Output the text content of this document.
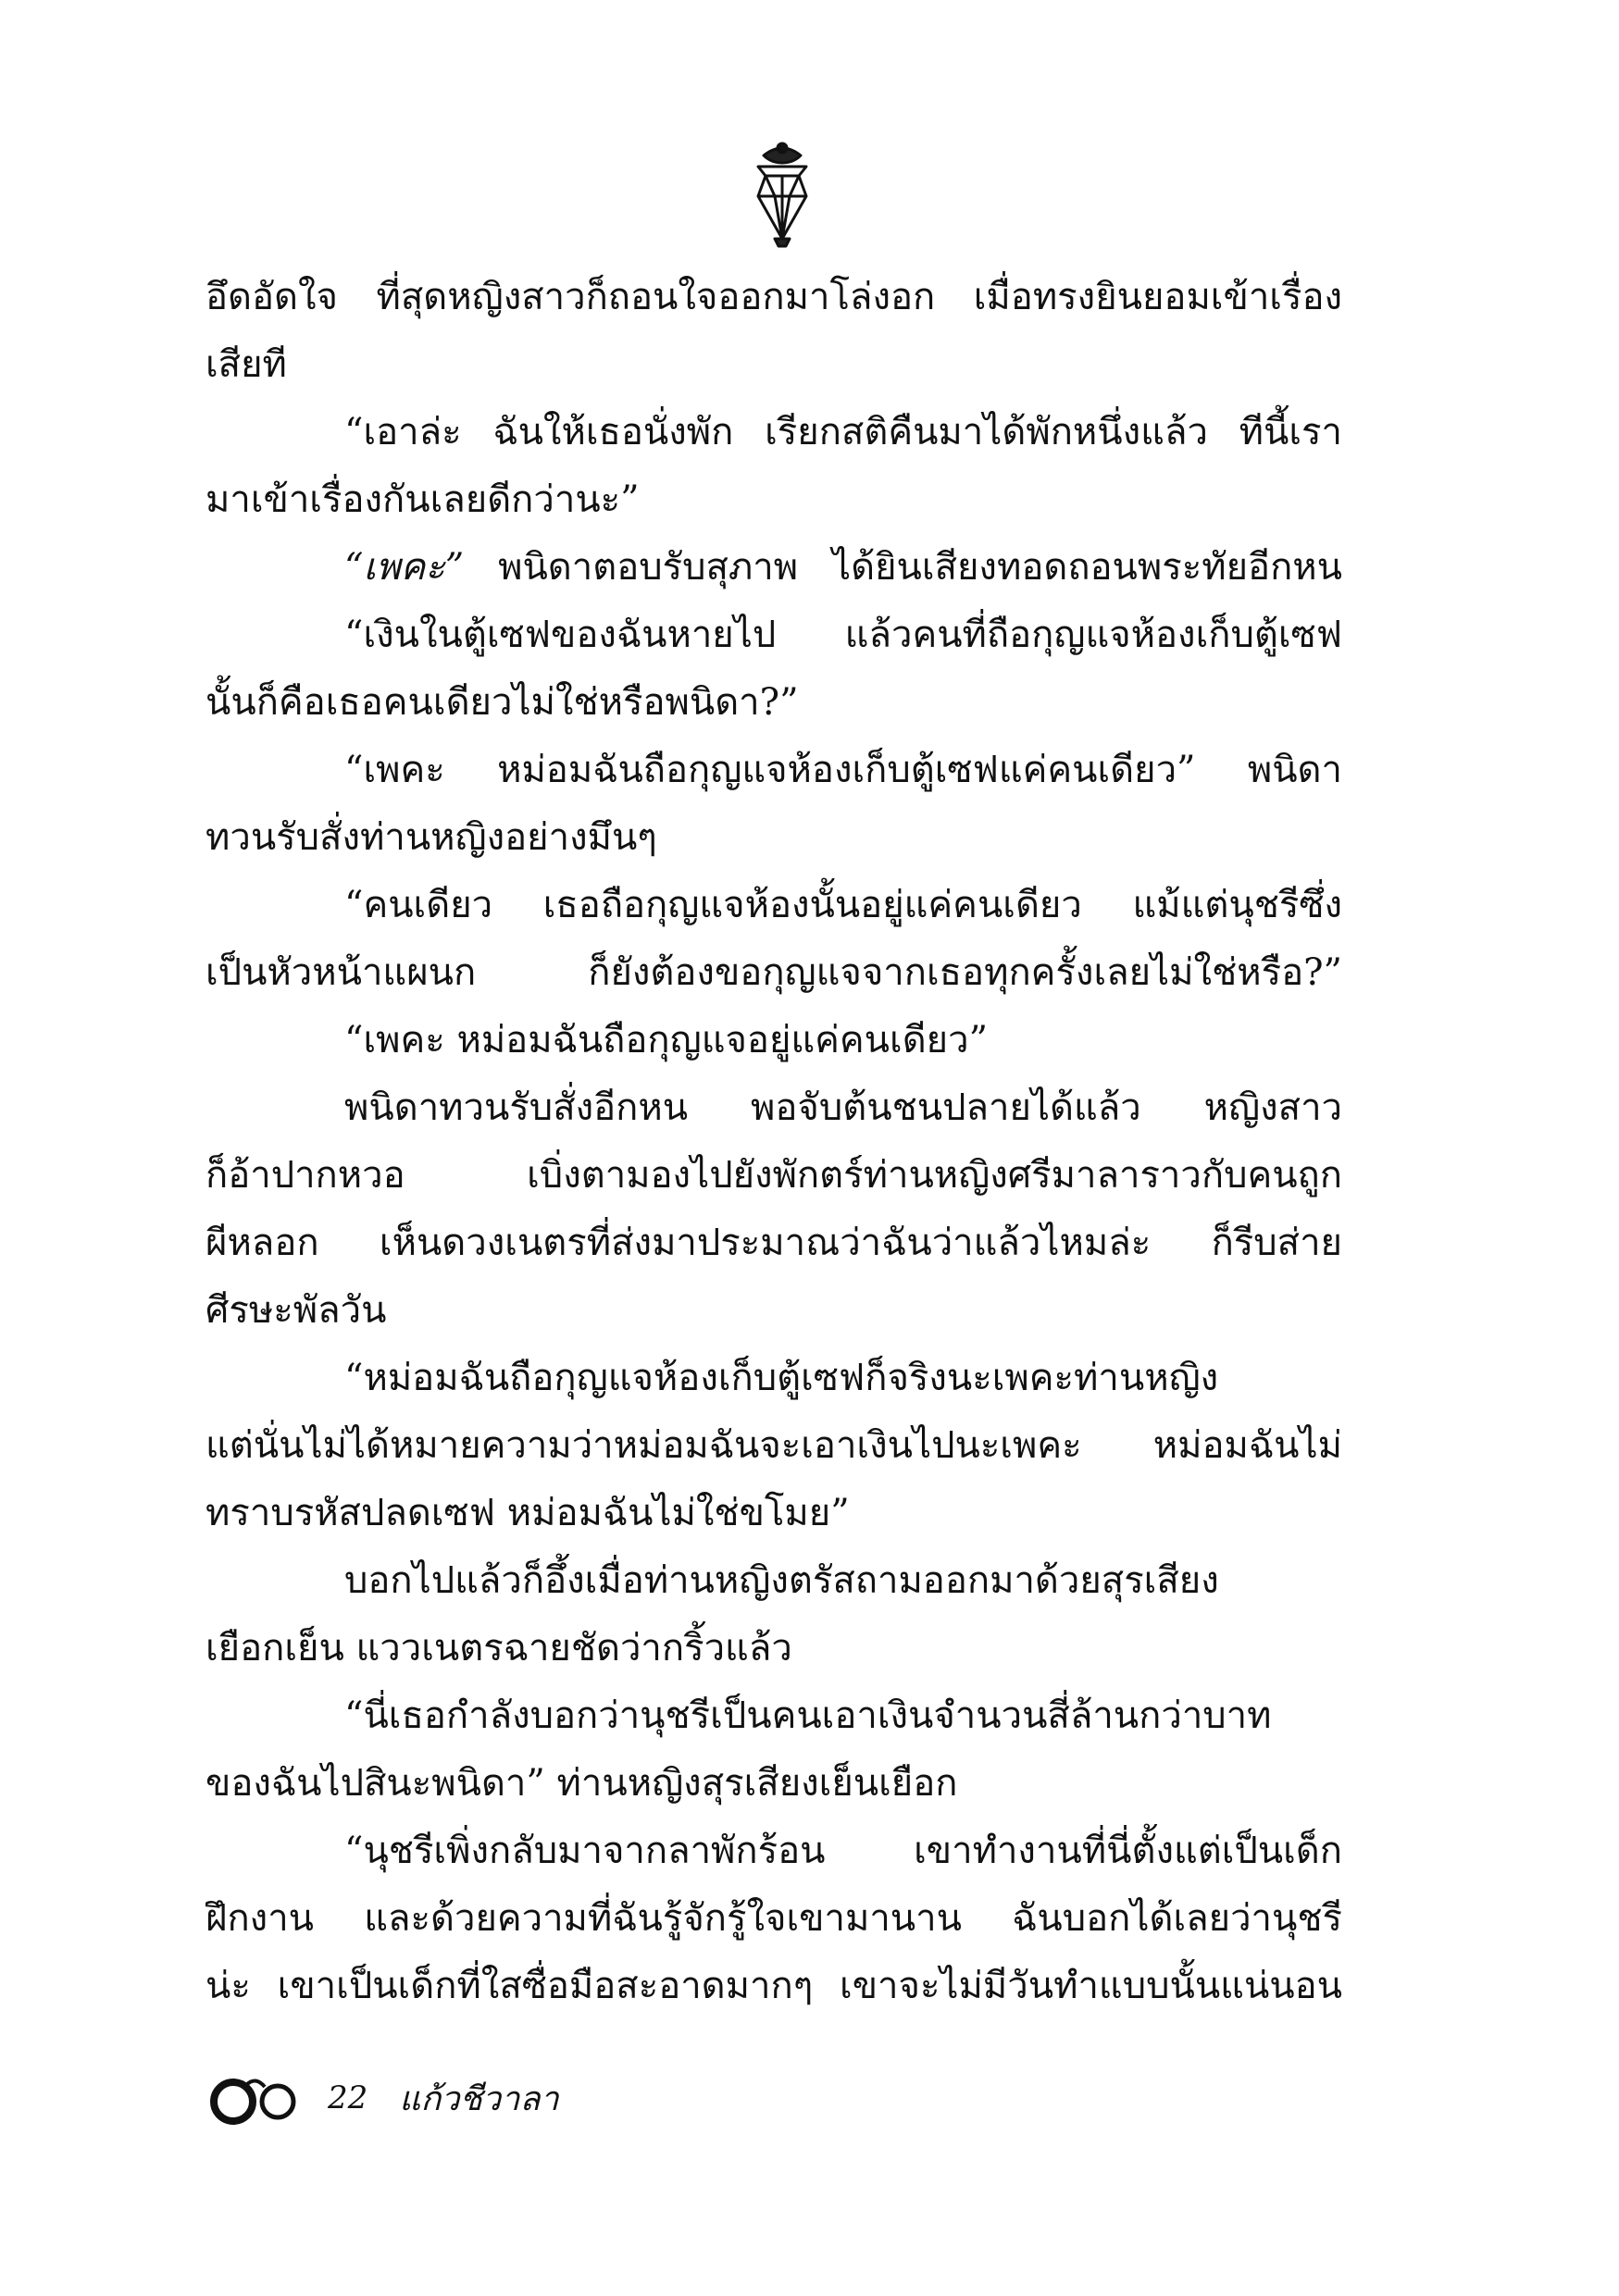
อึดอัดใจ ที่สุดหญิงสาวก็ถอนใจออกมาโล่งอก เมื่อทรงยินยอมเข้าเรื่อง
เสียที
“เอาล่ะ ฉันให้เธอนั่งพัก เรียกสติคืนมาได้พักหนึ่งแล้ว ทีนี้เรา
มาเข้าเรื่องกันเลยดีกว่านะ”
“เพคะ” พนิดาตอบรับสุภาพ ได้ยินเสียงทอดถอนพระทัยอีกหน
“เงินในตู้เซฟของฉันหายไป แล้วคนที่ถือกุญแจห้องเก็บตู้เซฟ
นั้นก็คือเธอคนเดียวไม่ใช่หรือพนิดา?”
“เพคะ หม่อมฉันถือกุญแจห้องเก็บตู้เซฟแค่คนเดียว” พนิดา
ทวนรับสั่งท่านหญิงอย่างมึนๆ
“คนเดียว เธอถือกุญแจห้องนั้นอยู่แค่คนเดียว แม้แต่นุชรีซึ่ง
เป็นหัวหน้าแผนก ก็ยังต้องขอกุญแจจากเธอทุกครั้งเลยไม่ใช่หรือ?”
“เพคะ หม่อมฉันถือกุญแจอยู่แค่คนเดียว”
พนิดาทวนรับสั่งอีกหน พอจับต้นชนปลายได้แล้ว หญิงสาว
ก็อ้าปากหวอ เบิ่งตามองไปยังพักตร์ท่านหญิงศรีมาลาราวกับคนถูก
ผีหลอก เห็นดวงเนตรที่ส่งมาประมาณว่าฉันว่าแล้วไหมล่ะ ก็รีบส่าย
ศีรษะพัลวัน
“หม่อมฉันถือกุญแจห้องเก็บตู้เซฟก็จริงนะเพคะท่านหญิง
แต่นั่นไม่ได้หมายความว่าหม่อมฉันจะเอาเงินไปนะเพคะ หม่อมฉันไม่
ทราบรหัสปลดเซฟ หม่อมฉันไม่ใช่ขโมย”
บอกไปแล้วก็อึ้งเมื่อท่านหญิงตรัสถามออกมาด้วยสุรเสียง
เยือกเย็น แววเนตรฉายชัดว่ากริ้วแล้ว
“นี่เธอกำลังบอกว่านุชรีเป็นคนเอาเงินจำนวนสี่ล้านกว่าบาท
ของฉันไปสินะพนิดา” ท่านหญิงสุรเสียงเย็นเยือก
“นุชรีเพิ่งกลับมาจากลาพักร้อน เขาทำงานที่นี่ตั้งแต่เป็นเด็ก
ฝึกงาน และด้วยความที่ฉันรู้จักรู้ใจเขามานาน ฉันบอกได้เลยว่านุชรี
น่ะ เขาเป็นเด็กที่ใสซื่อมือสะอาดมากๆ เขาจะไม่มีวันทำแบบนั้นแน่นอน
22 แก้วชีวาลา
